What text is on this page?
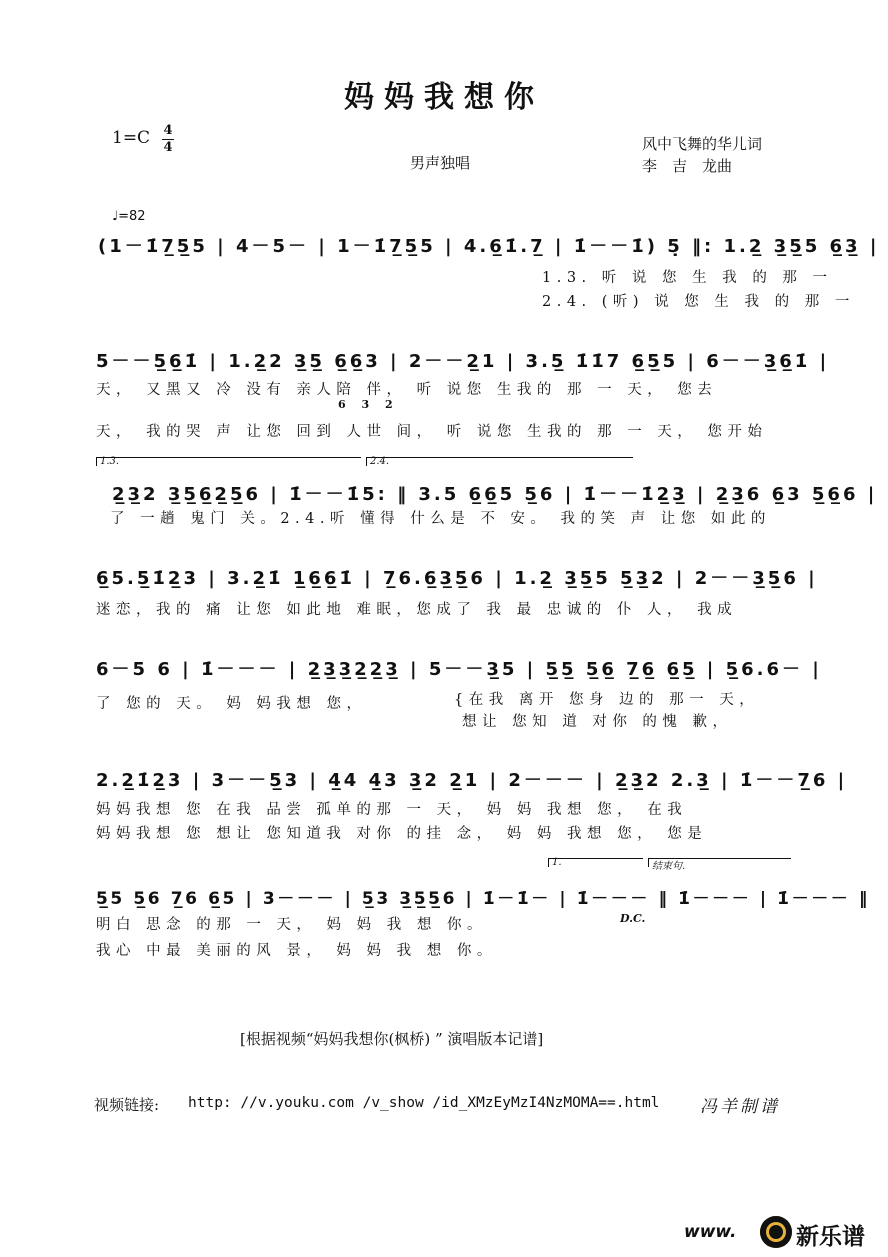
妈妈我想你
1=C 4
4
男声独唱
风中飞舞的华儿词
李　吉　龙曲
♩=82
(1－1̇7̲5̲5 | 4－5－ | 1－1̇7̲5̲5 | 4.6̲1̇.7̲ | 1̇－－1̇) 5̣ ‖: 1.2̲ 3̲5̲5 6̲3̲ |
1.3. 听 说 您 生 我 的 那 一
2.4. (听) 说 您 生 我 的 那 一
5－－5̲6̲1̇ | 1.2̲2 3̲5̲ 6̲6̲3 | 2－－2̲1 | 3.5̲ 1̇1̇7 6̲5̲5 | 6－－3̲6̲1̇ |
6 3 2
天， 又黑又 冷 没有 亲人陪 伴， 听 说您 生我的 那 一 天， 您去
天， 我的哭 声 让您 回到 人世 间， 听 说您 生我的 那 一 天， 您开始
1.3.	2.4.
2̲3̲2 3̲5̲6̲2̲5̲6 | 1̇－－1̇5: ‖ 3.5 6̲6̲5 5̲6 | 1̇－－1̇2̲3̲ | 2̲3̲6 6̲3 5̲6̲6 |
了 一趟 鬼门 关。2.4.听 懂得 什么是 不 安。 我的笑 声 让您 如此的
6̲5.5̲1̇2̲3 | 3.2̲1̇ 1̲6̲6̲1̇ | 7̲6.6̲3̲5̲6 | 1.2̲ 3̲5̲5 5̲3̲2 | 2－－3̲5̲6 |
迷恋，我的 痛 让您 如此地 难眠，您成了 我 最 忠诚的 仆 人， 我成
6－5 6 | 1̇－－－ | 2̲3̲3̲2̲2̲3̲ | 5－－3̲5 | 5̲5̲ 5̲6̲ 7̲6̲ 6̲5̲ | 5̲6.6－ |
了 您的 天。 妈 妈我想 您，	{在我 离开 您身 边的 那一 天，
想让 您知 道 对你 的愧 歉，
2.2̲1̇2̲3 | 3－－5̲3 | 4̲4 4̲3 3̲2 2̲1 | 2－－－ | 2̲3̲2 2.3̲ | 1̇－－7̲6 |
妈妈我想 您 在我 品尝 孤单的那 一 天， 妈 妈 我想 您， 在我
妈妈我想 您 想让 您知道我 对你 的挂 念， 妈 妈 我想 您， 您是
1.	结束句.
5̲5 5̲6 7̲6 6̲5 | 3－－－ | 5̲3 3̲5̲5̲6 | 1̇－1̇－ | 1̇－－－ ‖ 1̇－－－ | 1̇－－－ ‖
D.C.
明白 思念 的那 一 天， 妈 妈 我 想 你。
我心 中最 美丽的风 景， 妈 妈 我 想 你。
[根据视频“妈妈我想你(枫桥) ” 演唱版本记谱]
视频链接: http: //v.youku.com /v_show /id_XMzEyMzI4NzMOMA==.html 冯羊制谱
www.	新乐谱
